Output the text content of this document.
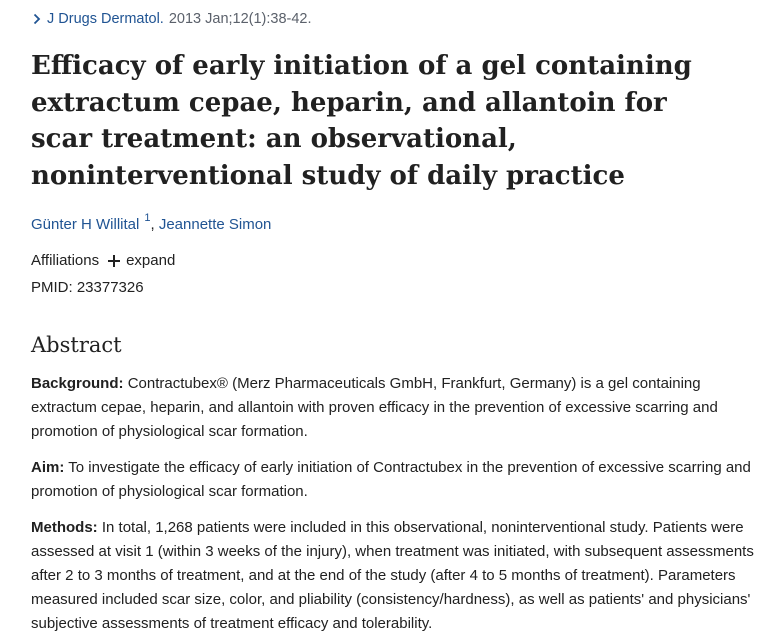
J Drugs Dermatol. 2013 Jan;12(1):38-42.
Efficacy of early initiation of a gel containing extractum cepae, heparin, and allantoin for scar treatment: an observational, noninterventional study of daily practice
Günter H Willital $^1$, Jeannette Simon
Affiliations expand
PMID: 23377326
Abstract

Background: Contractubex® (Merz Pharmaceuticals GmbH, Frankfurt, Germany) is a gel containing extractum cepae, heparin, and allantoin with proven efficacy in the prevention of excessive scarring and promotion of physiological scar formation.

Aim: To investigate the efficacy of early initiation of Contractubex in the prevention of excessive scarring and promotion of physiological scar formation.

Methods: In total, 1,268 patients were included in this observational, noninterventional study. Patients were assessed at visit 1 (within 3 weeks of the injury), when treatment was initiated, with subsequent assessments after 2 to 3 months of treatment, and at the end of the study (after 4 to 5 months of treatment). Parameters measured included scar size, color, and pliability (consistency/hardness), as well as patients' and physicians' subjective assessments of treatment efficacy and tolerability.
